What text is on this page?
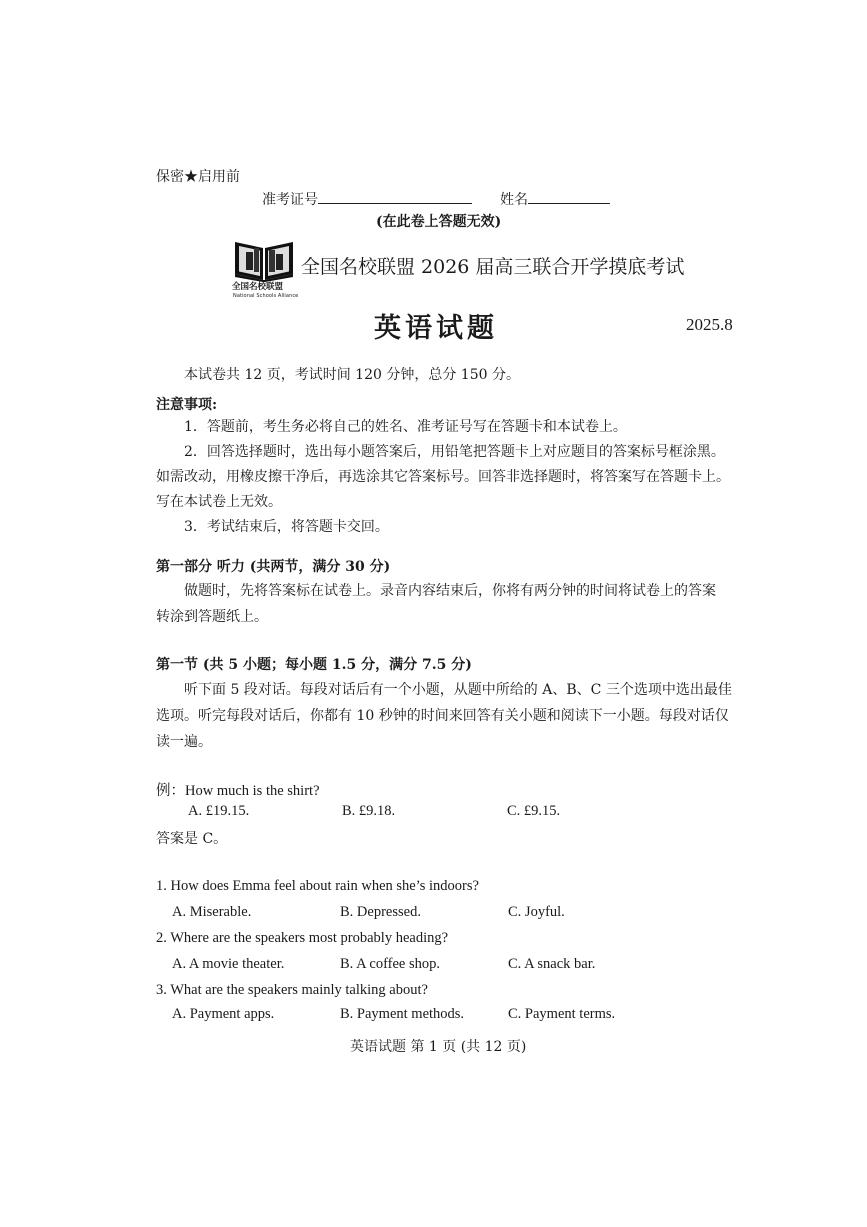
保密★启用前
准考证号	姓名
(在此卷上答题无效)
全国名校联盟
National Schools Alliance
全国名校联盟 2026 届高三联合开学摸底考试
英语试题	2025.8
本试卷共 12 页，考试时间 120 分钟，总分 150 分。
注意事项:
1．答题前，考生务必将自己的姓名、准考证号写在答题卡和本试卷上。
2．回答选择题时，选出每小题答案后，用铅笔把答题卡上对应题目的答案标号框涂黑。
如需改动，用橡皮擦干净后，再选涂其它答案标号。回答非选择题时，将答案写在答题卡上。
写在本试卷上无效。
3．考试结束后，将答题卡交回。
第一部分 听力 (共两节，满分 30 分)
做题时，先将答案标在试卷上。录音内容结束后，你将有两分钟的时间将试卷上的答案
转涂到答题纸上。
第一节 (共 5 小题；每小题 1.5 分，满分 7.5 分)
听下面 5 段对话。每段对话后有一个小题，从题中所给的 A、B、C 三个选项中选出最佳
选项。听完每段对话后，你都有 10 秒钟的时间来回答有关小题和阅读下一小题。每段对话仅
读一遍。
例：How much is the shirt?
A. £19.15.	B. £9.18.	C. £9.15.
答案是 C。
1. How does Emma feel about rain when she’s indoors?
A. Miserable.	B. Depressed.	C. Joyful.
2. Where are the speakers most probably heading?
A. A movie theater.	B. A coffee shop.	C. A snack bar.
3. What are the speakers mainly talking about?
A. Payment apps.	B. Payment methods.	C. Payment terms.
英语试题 第 1 页 (共 12 页)
